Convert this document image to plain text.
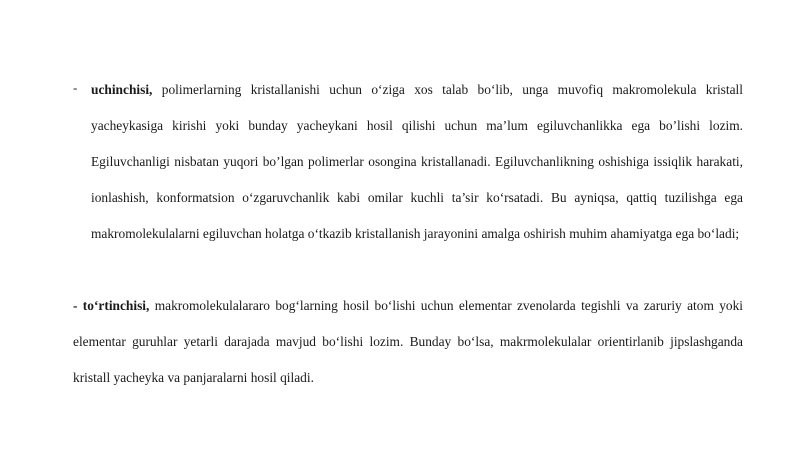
- uchinchisi, polimerlarning kristallanishi uchun o‘ziga xos talab bo‘lib, unga muvofiq makromolekula kristall yacheykasiga kirishi yoki bunday yacheykani hosil qilishi uchun ma’lum egiluvchanlikka ega bo’lishi lozim. Egiluvchanligi nisbatan yuqori bo’lgan polimerlar osongina kristallanadi. Egiluvchanlikning oshishiga issiqlik harakati, ionlashish, konformatsion o‘zgaruvchanlik kabi omilar kuchli ta’sir ko‘rsatadi. Bu ayniqsa, qattiq tuzilishga ega makromolekulalarni egiluvchan holatga o‘tkazib kristallanish jarayonini amalga oshirish muhim ahamiyatga ega bo‘ladi;

- to‘rtinchisi, makromolekulalararo bog‘larning hosil bo‘lishi uchun elementar zvenolarda tegishli va zaruriy atom yoki elementar guruhlar yetarli darajada mavjud bo‘lishi lozim. Bunday bo‘lsa, makrmolekulalar orientirlanib jipslashganda kristall yacheyka va panjaralarni hosil qiladi.
